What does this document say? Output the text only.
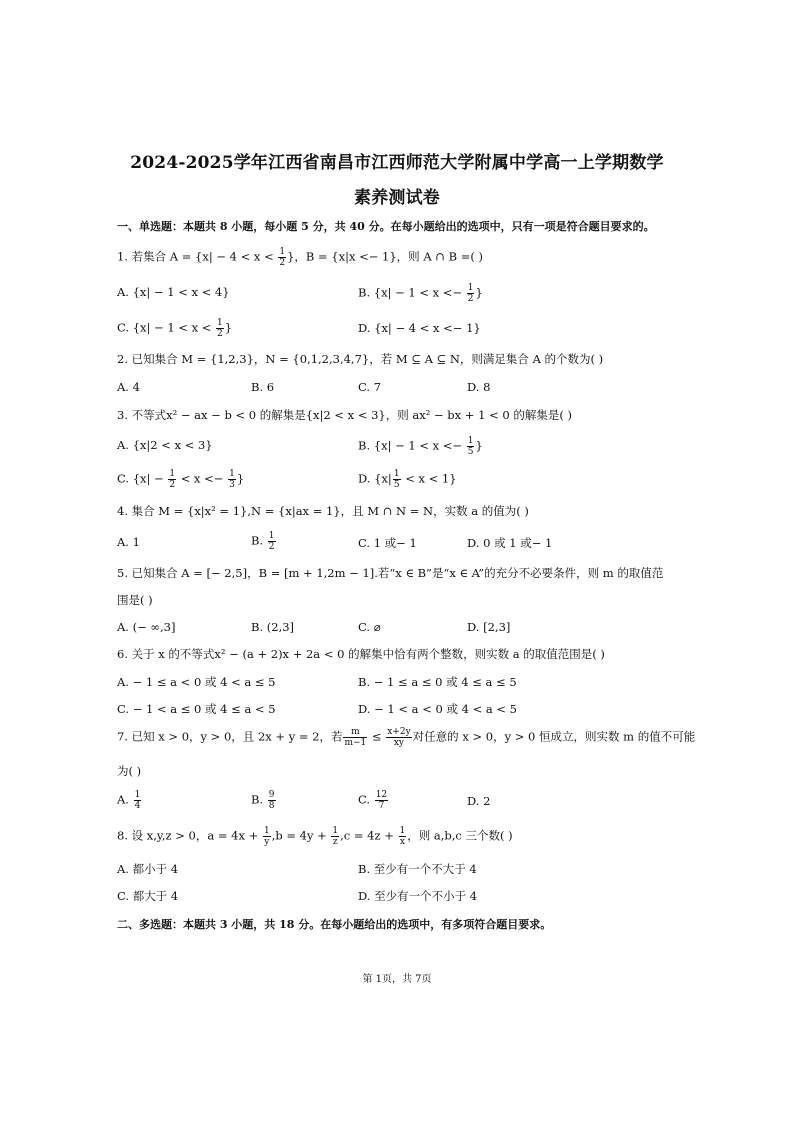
2024-2025学年江西省南昌市江西师范大学附属中学高一上学期数学
素养测试卷
一、单选题：本题共 8 小题，每小题 5 分，共 40 分。在每小题给出的选项中，只有一项是符合题目要求的。
1. 若集合 $A = \{x| - 4 < x < \frac{1}{2}$ }，B = {x|x <− 1}，则 A ∩ B =( )
A. {x| − 1 < x < 4}	B. {$x| - 1 < x <- \frac{1}{2}$ }
C. {$x| - 1 < x < \frac{1}{2}$ }	D. {x| − 4 < x <− 1}
2. 已知集合 M = {1,2,3}，N = {0,1,2,3,4,7}，若 M ⊆ A ⊆ N，则满足集合 A 的个数为( )
A. 4	B. 6	C. 7	D. 8
3. 不等式x² − ax − b < 0 的解集是{x|2 < x < 3}，则 ax² − bx + 1 < 0 的解集是( )
A. {x|2 < x < 3}	B. {$x| - 1 < x <- \frac{1}{5}$ }
C. {$x| - \frac{1}{2} < x <- \frac{1}{3}$ }	D. $\{x| \frac{1}{5} < x < 1\}$
4. 集合 M = {x|x² = 1},N = {x|ax = 1}，且 M ∩ N = N，实数 a 的值为( )
A. 1	B. $\frac{1}{2}$	C. 1 或− 1	D. 0 或 1 或− 1
5. 已知集合 A = [− 2,5]，B = [m + 1,2m − 1].若“x ∈ B”是“x ∈ A”的充分不必要条件，则 m 的取值范
围是( )
A. (− ∞,3]	B. (2,3]	C. ⌀	D. [2,3]
6. 关于 x 的不等式x² − (a + 2)x + 2a < 0 的解集中恰有两个整数，则实数 a 的取值范围是( )
A. − 1 ≤ a < 0 或 4 < a ≤ 5	B. − 1 ≤ a ≤ 0 或 4 ≤ a ≤ 5
C. − 1 < a ≤ 0 或 4 ≤ a < 5	D. − 1 < a < 0 或 4 < a < 5
7. 已知 x > 0，y > 0，且 2x + y = 2，若 $\frac{m}{m-1} \le \frac{x+2y}{xy}$ 对任意的 x > 0，y > 0 恒成立，则实数 m 的值不可能
为( )
A. $\frac{1}{4}$	B. $\frac{9}{8}$	C. $\frac{12}{7}$	D. 2
8. 设 x,y,z > 0，$a = 4x + \frac{1}{y} ,b = 4y + \frac{1}{z} ,c = 4z + \frac{1}{x}$ ，则 a,b,c 三个数( )
A. 都小于 4	B. 至少有一个不大于 4
C. 都大于 4	D. 至少有一个不小于 4
二、多选题：本题共 3 小题，共 18 分。在每小题给出的选项中，有多项符合题目要求。
第 1页，共 7页
